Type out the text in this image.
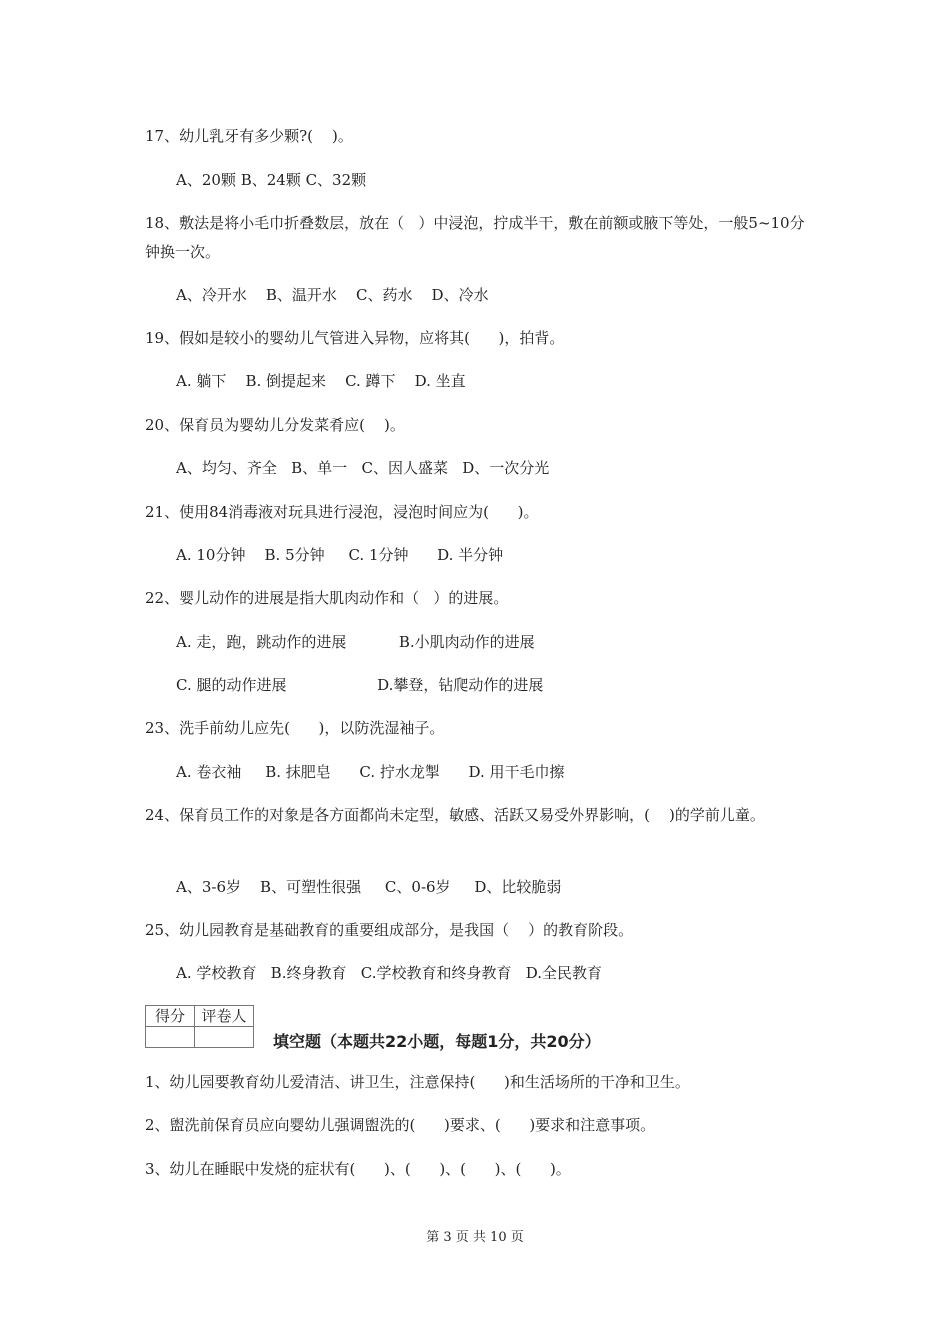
17、幼儿乳牙有多少颗?(    )。

A、20颗 B、24颗 C、32颗

18、敷法是将小毛巾折叠数层，放在（   ）中浸泡，拧成半干，敷在前额或腋下等处，一般5~10分钟换一次。

A、冷开水    B、温开水    C、药水    D、冷水

19、假如是较小的婴幼儿气管进入异物，应将其(      )，拍背。

A. 躺下    B. 倒提起来    C. 蹲下    D. 坐直

20、保育员为婴幼儿分发菜肴应(    )。

A、均匀、齐全   B、单一   C、因人盛菜   D、一次分光

21、使用84消毒液对玩具进行浸泡，浸泡时间应为(      )。

A. 10分钟    B. 5分钟     C. 1分钟      D. 半分钟

22、婴儿动作的进展是指大肌肉动作和（   ）的进展。

A. 走，跑，跳动作的进展           B.小肌肉动作的进展

C. 腿的动作进展                   D.攀登，钻爬动作的进展

23、洗手前幼儿应先(      )，以防洗湿袖子。

A. 卷衣袖     B. 抹肥皂      C. 拧水龙掣      D. 用干毛巾擦

24、保育员工作的对象是各方面都尚未定型，敏感、活跃又易受外界影响，(    )的学前儿童。

A、3-6岁    B、可塑性很强     C、0-6岁     D、比较脆弱

25、幼儿园教育是基础教育的重要组成部分，是我国（    ）的教育阶段。

A. 学校教育   B.终身教育   C.学校教育和终身教育   D.全民教育

得分	评卷人

填空题（本题共22小题，每题1分，共20分）

1、幼儿园要教育幼儿爱清洁、讲卫生，注意保持(      )和生活场所的干净和卫生。

2、盥洗前保育员应向婴幼儿强调盥洗的(      )要求、(      )要求和注意事项。

3、幼儿在睡眠中发烧的症状有(      )、(      )、(      )、(      )。

第 3 页 共 10 页
